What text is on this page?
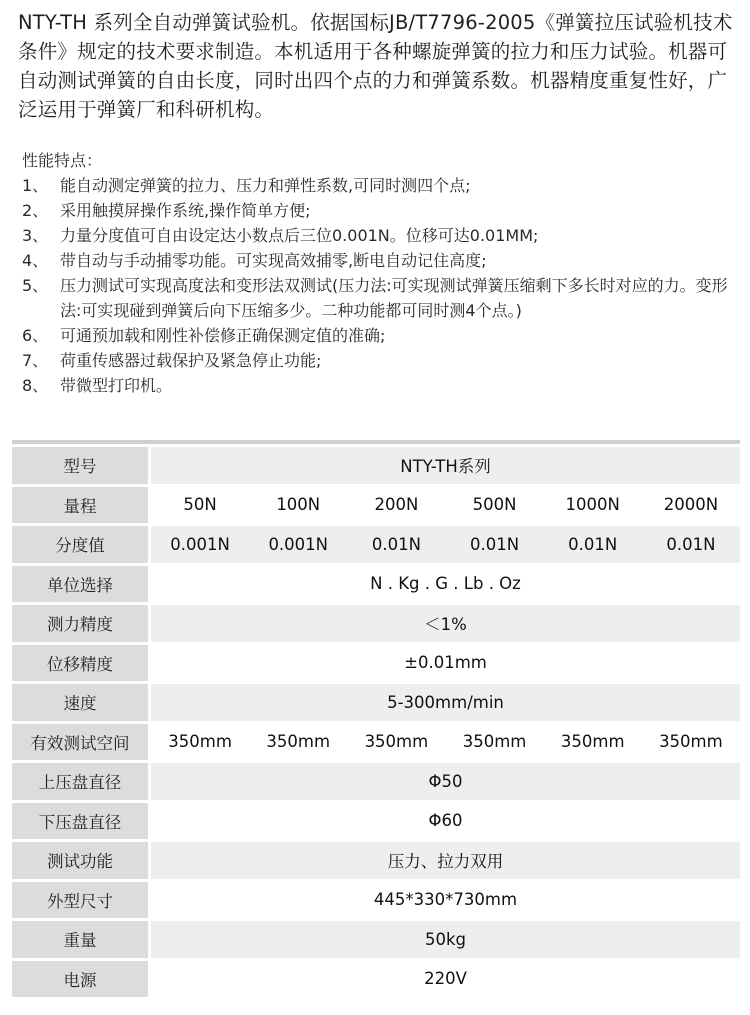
NTY-TH 系列全自动弹簧试验机。依据国标JB/T7796-2005《弹簧拉压试验机技术条件》规定的技术要求制造。本机适用于各种螺旋弹簧的拉力和压力试验。机器可自动测试弹簧的自由长度，同时出四个点的力和弹簧系数。机器精度重复性好，广泛运用于弹簧厂和科研机构。
性能特点：
1、 能自动测定弹簧的拉力、压力和弹性系数,可同时测四个点;
2、 采用触摸屏操作系统,操作简单方便;
3、 力量分度值可自由设定达小数点后三位0.001N。位移可达0.01MM;
4、 带自动与手动捕零功能。可实现高效捕零,断电自动记住高度;
5、 压力测试可实现高度法和变形法双测试(压力法:可实现测试弹簧压缩剩下多长时对应的力。变形法:可实现碰到弹簧后向下压缩多少。二种功能都可同时测4个点。)
6、 可通预加载和刚性补偿修正确保测定值的准确;
7、 荷重传感器过载保护及紧急停止功能;
8、 带微型打印机。
型号	NTY-TH系列					
量程	50N	100N	200N	500N	1000N	2000N
分度值	0.001N	0.001N	0.01N	0.01N	0.01N	0.01N
单位选择	N . Kg . G . Lb . Oz					
测力精度	＜1%					
位移精度	±0.01mm					
速度	5-300mm/min					
有效测试空间	350mm	350mm	350mm	350mm	350mm	350mm
上压盘直径	Φ50					
下压盘直径	Φ60					
测试功能	压力、拉力双用					
外型尺寸	445*330*730mm					
重量	50kg					
电源	220V					
